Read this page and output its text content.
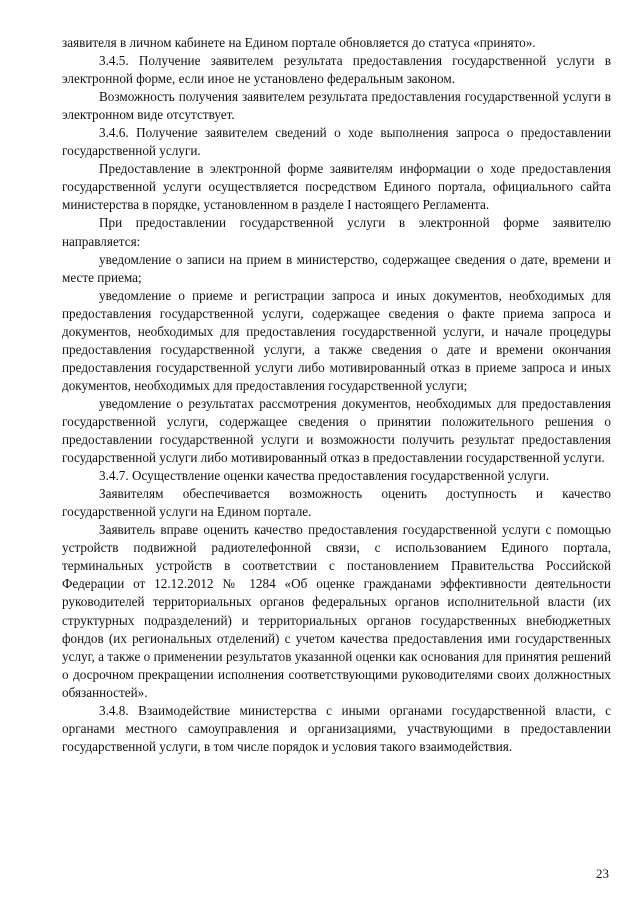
заявителя в личном кабинете на Едином портале обновляется до статуса «принято».

3.4.5. Получение заявителем результата предоставления государственной услуги в электронной форме, если иное не установлено федеральным законом.

Возможность получения заявителем результата предоставления государственной услуги в электронном виде отсутствует.

3.4.6. Получение заявителем сведений о ходе выполнения запроса о предоставлении государственной услуги.

Предоставление в электронной форме заявителям информации о ходе предоставления государственной услуги осуществляется посредством Единого портала, официального сайта министерства в порядке, установленном в разделе I настоящего Регламента.

При предоставлении государственной услуги в электронной форме заявителю направляется:

уведомление о записи на прием в министерство, содержащее сведения о дате, времени и месте приема;

уведомление о приеме и регистрации запроса и иных документов, необходимых для предоставления государственной услуги, содержащее сведения о факте приема запроса и документов, необходимых для предоставления государственной услуги, и начале процедуры предоставления государственной услуги, а также сведения о дате и времени окончания предоставления государственной услуги либо мотивированный отказ в приеме запроса и иных документов, необходимых для предоставления государственной услуги;

уведомление о результатах рассмотрения документов, необходимых для предоставления государственной услуги, содержащее сведения о принятии положительного решения о предоставлении государственной услуги и возможности получить результат предоставления государственной услуги либо мотивированный отказ в предоставлении государственной услуги.

3.4.7. Осуществление оценки качества предоставления государственной услуги.

Заявителям обеспечивается возможность оценить доступность и качество государственной услуги на Едином портале.

Заявитель вправе оценить качество предоставления государственной услуги с помощью устройств подвижной радиотелефонной связи, с использованием Единого портала, терминальных устройств в соответствии с постановлением Правительства Российской Федерации от 12.12.2012 № 1284 «Об оценке гражданами эффективности деятельности руководителей территориальных органов федеральных органов исполнительной власти (их структурных подразделений) и территориальных органов государственных внебюджетных фондов (их региональных отделений) с учетом качества предоставления ими государственных услуг, а также о применении результатов указанной оценки как основания для принятия решений о досрочном прекращении исполнения соответствующими руководителями своих должностных обязанностей».

3.4.8. Взаимодействие министерства с иными органами государственной власти, с органами местного самоуправления и организациями, участвующими в предоставлении государственной услуги, в том числе порядок и условия такого взаимодействия.

23
